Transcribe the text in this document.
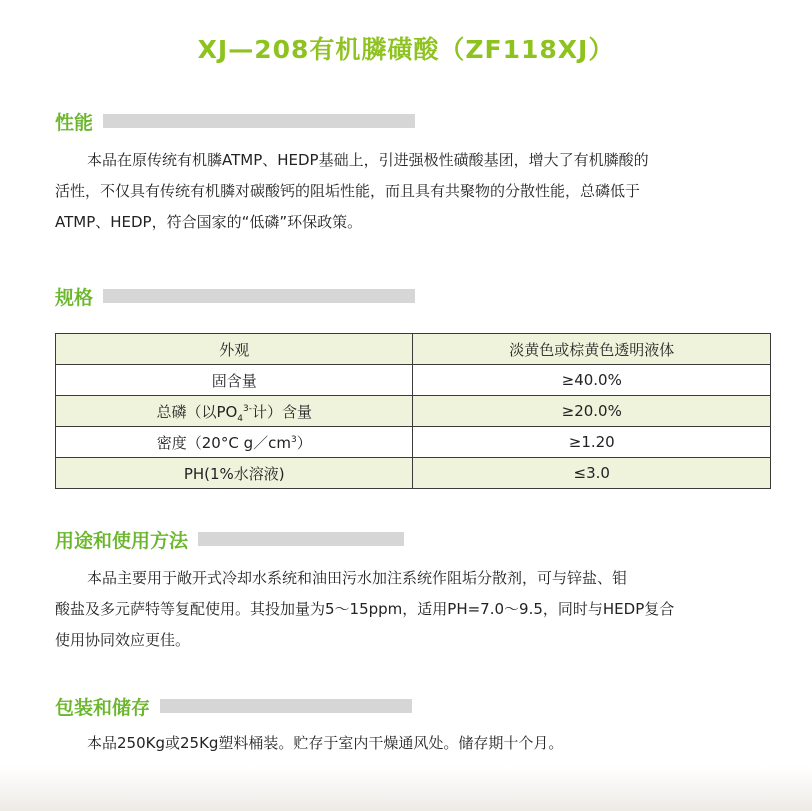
XJ—208有机膦磺酸（ZF118XJ）
性能

本品在原传统有机膦ATMP、HEDP基础上，引进强极性磺酸基团，增大了有机膦酸的
活性，不仅具有传统有机膦对碳酸钙的阻垢性能，而且具有共聚物的分散性能，总磷低于
ATMP、HEDP，符合国家的“低磷”环保政策。

规格
外观	淡黄色或棕黄色透明液体
固含量	≥40.0%
总磷（以$PO_4^{3-}$计）含量	≥20.0%
密度（20°C $g/cm^3$）	≥1.20
PH(1%水溶液)	≤3.0
用途和使用方法

本品主要用于敞开式冷却水系统和油田污水加注系统作阻垢分散剂，可与锌盐、钼
酸盐及多元萨特等复配使用。其投加量为5～15ppm，适用PH=7.0～9.5，同时与HEDP复合
使用协同效应更佳。

包装和储存

本品250Kg或25Kg塑料桶装。贮存于室内干燥通风处。储存期十个月。
